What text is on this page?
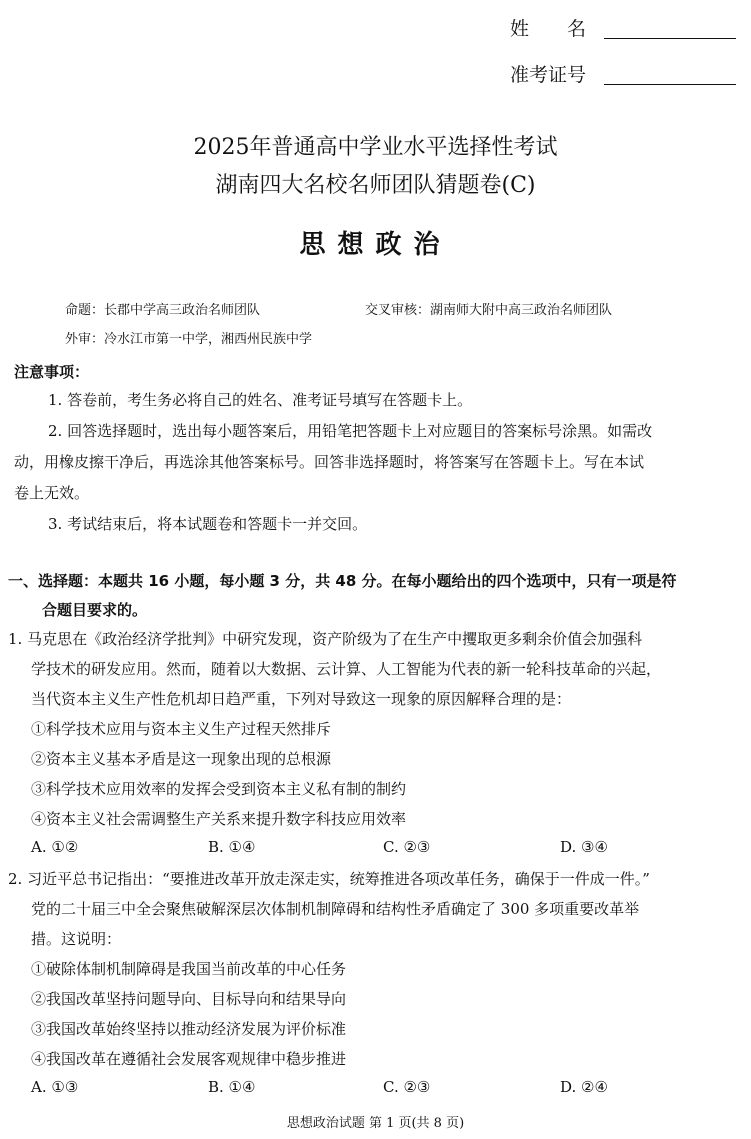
姓　　名
准考证号
2025年普通高中学业水平选择性考试
湖南四大名校名师团队猜题卷(C)
思想政治
命题：长郡中学高三政治名师团队	交叉审核：湖南师大附中高三政治名师团队
外审：冷水江市第一中学，湘西州民族中学
注意事项：
1. 答卷前，考生务必将自己的姓名、准考证号填写在答题卡上。
2. 回答选择题时，选出每小题答案后，用铅笔把答题卡上对应题目的答案标号涂黑。如需改
动，用橡皮擦干净后，再选涂其他答案标号。回答非选择题时，将答案写在答题卡上。写在本试
卷上无效。
3. 考试结束后，将本试题卷和答题卡一并交回。
一、选择题：本题共 16 小题，每小题 3 分，共 48 分。在每小题给出的四个选项中，只有一项是符
合题目要求的。
1. 马克思在《政治经济学批判》中研究发现，资产阶级为了在生产中攫取更多剩余价值会加强科
学技术的研发应用。然而，随着以大数据、云计算、人工智能为代表的新一轮科技革命的兴起，
当代资本主义生产性危机却日趋严重，下列对导致这一现象的原因解释合理的是：
①科学技术应用与资本主义生产过程天然排斥
②资本主义基本矛盾是这一现象出现的总根源
③科学技术应用效率的发挥会受到资本主义私有制的制约
④资本主义社会需调整生产关系来提升数字科技应用效率
A. ①②	B. ①④	C. ②③	D. ③④
2. 习近平总书记指出：“要推进改革开放走深走实，统筹推进各项改革任务，确保于一件成一件。”
党的二十届三中全会聚焦破解深层次体制机制障碍和结构性矛盾确定了 300 多项重要改革举
措。这说明：
①破除体制机制障碍是我国当前改革的中心任务
②我国改革坚持问题导向、目标导向和结果导向
③我国改革始终坚持以推动经济发展为评价标准
④我国改革在遵循社会发展客观规律中稳步推进
A. ①③	B. ①④	C. ②③	D. ②④
思想政治试题 第 1 页(共 8 页)
